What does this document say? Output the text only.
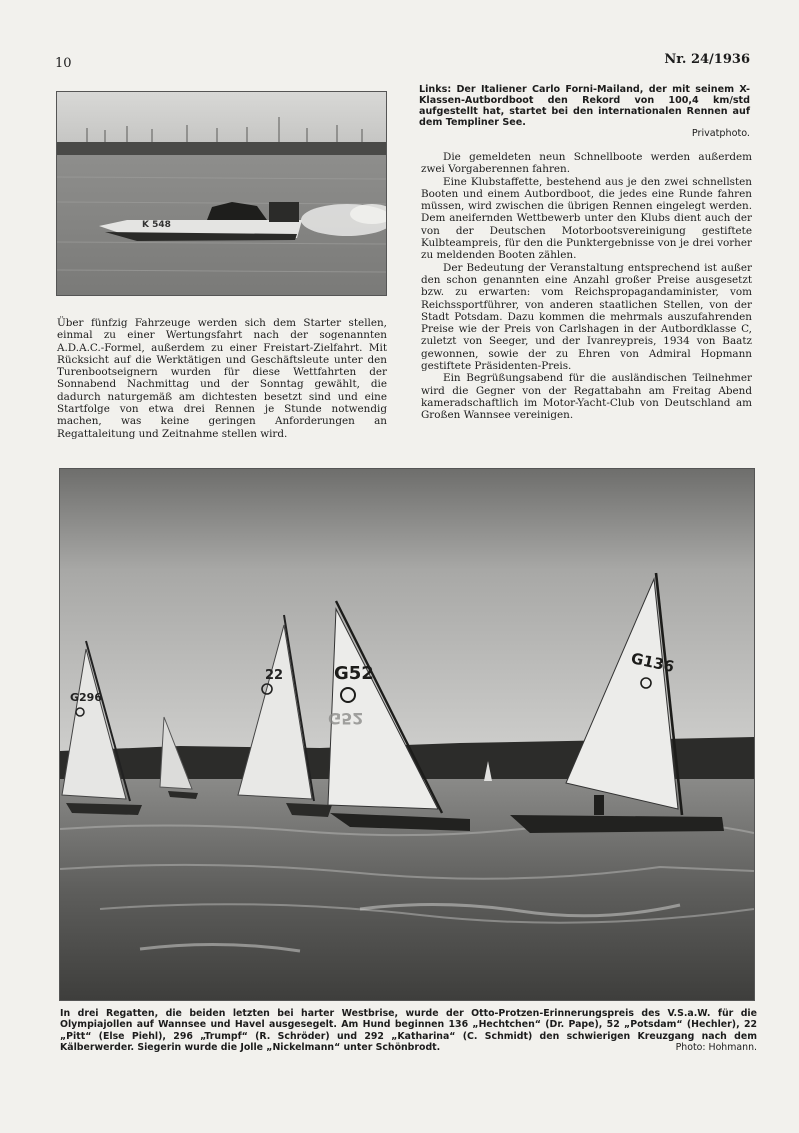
10	Nr. 24/1936
K 548
Links: Der Italiener Carlo Forni-Mailand, der mit seinem X-Klassen-Autbordboot den Rekord von 100,4 km/std aufgestellt hat, startet bei den internationalen Rennen auf dem Templiner See.
Privatphoto.

Über fünfzig Fahrzeuge werden sich dem Starter stellen, einmal zu einer Wertungsfahrt nach der sogenannten A.D.A.C.-Formel, außerdem zu einer Freistart-Zielfahrt. Mit Rücksicht auf die Werktätigen und Geschäftsleute unter den Turenbootseignern wurden für diese Wettfahrten der Sonnabend Nachmittag und der Sonntag gewählt, die dadurch naturgemäß am dichtesten besetzt sind und eine Startfolge von etwa drei Rennen je Stunde notwendig machen, was keine geringen Anforderungen an Regattaleitung und Zeitnahme stellen wird.

Die gemeldeten neun Schnellboote werden außerdem zwei Vorgaberennen fahren.

Eine Klubstaffette, bestehend aus je den zwei schnellsten Booten und einem Autbordboot, die jedes eine Runde fahren müssen, wird zwischen die übrigen Rennen eingelegt werden. Dem aneifernden Wettbewerb unter den Klubs dient auch der von der Deutschen Motorbootsvereinigung gestiftete Kulbteampreis, für den die Punktergebnisse von je drei vorher zu meldenden Booten zählen.

Der Bedeutung der Veranstaltung entsprechend ist außer den schon genannten eine Anzahl großer Preise ausgesetzt bzw. zu erwarten: vom Reichspropagandaminister, vom Reichssportführer, von anderen staatlichen Stellen, von der Stadt Potsdam. Dazu kommen die mehrmals auszufahrenden Preise wie der Preis von Carlshagen in der Autbordklasse C, zuletzt von Seeger, und der Ivanreypreis, 1934 von Baatz gewonnen, sowie der zu Ehren von Admiral Hopmann gestiftete Präsidenten-Preis.

Ein Begrüßungsabend für die ausländischen Teilnehmer wird die Gegner von der Regattabahn am Freitag Abend kameradschaftlich im Motor-Yacht-Club von Deutschland am Großen Wannsee vereinigen.

G296
22	G52
G52
G136
In drei Regatten, die beiden letzten bei harter Westbrise, wurde der Otto-Protzen-Erinnerungspreis des V.S.a.W. für die Olympiajollen auf Wannsee und Havel ausgesegelt. Am Hund beginnen 136 „Hechtchen“ (Dr. Pape), 52 „Potsdam“ (Hechler), 22 „Pitt“ (Else Piehl), 296 „Trumpf“ (R. Schröder) und 292 „Katharina“ (C. Schmidt) den schwierigen Kreuzgang nach dem Kälberwerder. Siegerin wurde die Jolle „Nickelmann“ unter Schönbrodt.	Photo: Hohmann.
